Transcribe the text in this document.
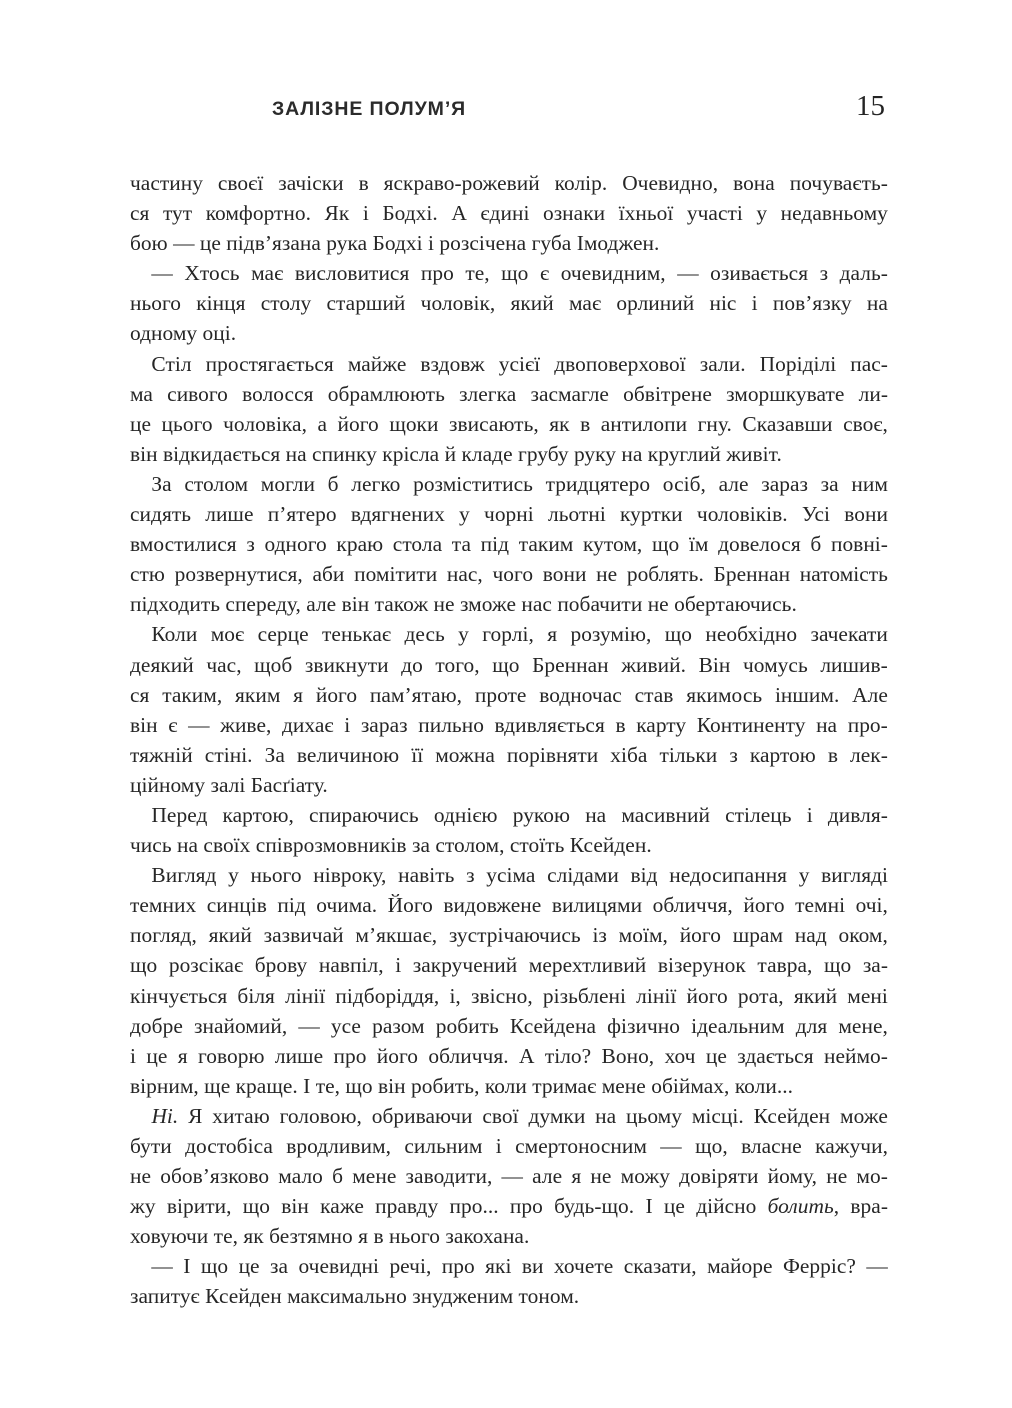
ЗАЛІЗНЕ ПОЛУМ’Я	15
частину своєї зачіски в яскраво-рожевий колір. Очевидно, вона почуваєть-
ся тут комфортно. Як і Бодхі. А єдині ознаки їхньої участі у недавньому
бою — це підв’язана рука Бодхі і розсічена губа Імоджен.
 — Хтось має висловитися про те, що є очевидним, — озивається з даль-
нього кінця столу старший чоловік, який має орлиний ніс і пов’язку на
одному оці.
 Стіл простягається майже вздовж усієї двоповерхової зали. Поріділі пас-
ма сивого волосся обрамлюють злегка засмагле обвітрене зморшкувате ли-
це цього чоловіка, а його щоки звисають, як в антилопи гну. Сказавши своє,
він відкидається на спинку крісла й кладе грубу руку на круглий живіт.
 За столом могли б легко розміститись тридцятеро осіб, але зараз за ним
сидять лише п’ятеро вдягнених у чорні льотні куртки чоловіків. Усі вони
вмостилися з одного краю стола та під таким кутом, що їм довелося б повні-
стю розвернутися, аби помітити нас, чого вони не роблять. Бреннан натомість
підходить спереду, але він також не зможе нас побачити не обертаючись.
 Коли моє серце тенькає десь у горлі, я розумію, що необхідно зачекати
деякий час, щоб звикнути до того, що Бреннан живий. Він чомусь лишив-
ся таким, яким я його пам’ятаю, проте водночас став якимось іншим. Але
він є — живе, дихає і зараз пильно вдивляється в карту Континенту на про-
тяжній стіні. За величиною її можна порівняти хіба тільки з картою в лек-
ційному залі Басґіату.
 Перед картою, спираючись однією рукою на масивний стілець і дивля-
чись на своїх співрозмовників за столом, стоїть Ксейден.
 Вигляд у нього нівроку, навіть з усіма слідами від недосипання у вигляді
темних синців під очима. Його видовжене вилицями обличчя, його темні очі,
погляд, який зазвичай м’якшає, зустрічаючись із моїм, його шрам над оком,
що розсікає брову навпіл, і закручений мерехтливий візерунок тавра, що за-
кінчується біля лінії підборіддя, і, звісно, різьблені лінії його рота, який мені
добре знайомий, — усе разом робить Ксейдена фізично ідеальним для мене,
і це я говорю лише про його обличчя. А тіло? Воно, хоч це здається неймо-
вірним, ще краще. І те, що він робить, коли тримає мене обіймах, коли...
 Ні. Я хитаю головою, обриваючи свої думки на цьому місці. Ксейден може
бути достобіса вродливим, сильним і смертоносним — що, власне кажучи,
не обов’язково мало б мене заводити, — але я не можу довіряти йому, не мо-
жу вірити, що він каже правду про... про будь-що. І це дійсно болить, вра-
ховуючи те, як безтямно я в нього закохана.
 — І що це за очевидні речі, про які ви хочете сказати, майоре Ферріс? —
запитує Ксейден максимально знудженим тоном.
